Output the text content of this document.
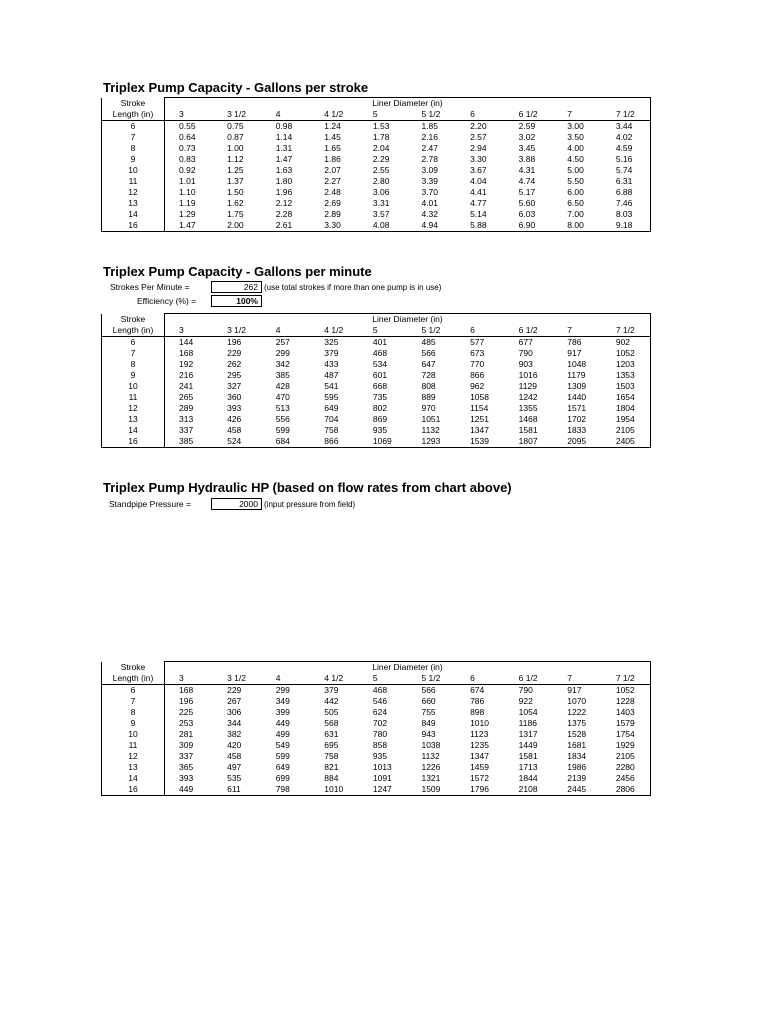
Triplex Pump Capacity - Gallons per stroke
Stroke	Liner Diameter (in)									
Length (in)	3	3 1/2	4	4 1/2	5	5 1/2	6	6 1/2	7	7 1/2
6	0.55	0.75	0.98	1.24	1.53	1.85	2.20	2.59	3.00	3.44
7	0.64	0.87	1.14	1.45	1.78	2.16	2.57	3.02	3.50	4.02
8	0.73	1.00	1.31	1.65	2.04	2.47	2.94	3.45	4.00	4.59
9	0.83	1.12	1.47	1.86	2.29	2.78	3.30	3.88	4.50	5.16
10	0.92	1.25	1.63	2.07	2.55	3.09	3.67	4.31	5.00	5.74
11	1.01	1.37	1.80	2.27	2.80	3.39	4.04	4.74	5.50	6.31
12	1.10	1.50	1.96	2.48	3.06	3.70	4.41	5.17	6.00	6.88
13	1.19	1.62	2.12	2.69	3.31	4.01	4.77	5.60	6.50	7.46
14	1.29	1.75	2.28	2.89	3.57	4.32	5.14	6.03	7.00	8.03
16	1.47	2.00	2.61	3.30	4.08	4.94	5.88	6.90	8.00	9.18
Triplex Pump Capacity - Gallons per minute
Strokes Per Minute =	262 (use total strokes if more than one pump is in use)
Efficiency (%) =	100%
Stroke	Liner Diameter (in)									
Length (in)	3	3 1/2	4	4 1/2	5	5 1/2	6	6 1/2	7	7 1/2
6	144	196	257	325	401	485	577	677	786	902
7	168	229	299	379	468	566	673	790	917	1052
8	192	262	342	433	534	647	770	903	1048	1203
9	216	295	385	487	601	728	866	1016	1179	1353
10	241	327	428	541	668	808	962	1129	1309	1503
11	265	360	470	595	735	889	1058	1242	1440	1654
12	289	393	513	649	802	970	1154	1355	1571	1804
13	313	426	556	704	869	1051	1251	1468	1702	1954
14	337	458	599	758	935	1132	1347	1581	1833	2105
16	385	524	684	866	1069	1293	1539	1807	2095	2405
Triplex Pump Hydraulic HP (based on flow rates from chart above)
Standpipe Pressure =	2000 (input pressure from field)
Stroke	Liner Diameter (in)									
Length (in)	3	3 1/2	4	4 1/2	5	5 1/2	6	6 1/2	7	7 1/2
6	168	229	299	379	468	566	674	790	917	1052
7	196	267	349	442	546	660	786	922	1070	1228
8	225	306	399	505	624	755	898	1054	1222	1403
9	253	344	449	568	702	849	1010	1186	1375	1579
10	281	382	499	631	780	943	1123	1317	1528	1754
11	309	420	549	695	858	1038	1235	1449	1681	1929
12	337	458	599	758	935	1132	1347	1581	1834	2105
13	365	497	649	821	1013	1226	1459	1713	1986	2280
14	393	535	699	884	1091	1321	1572	1844	2139	2456
16	449	611	798	1010	1247	1509	1796	2108	2445	2806
